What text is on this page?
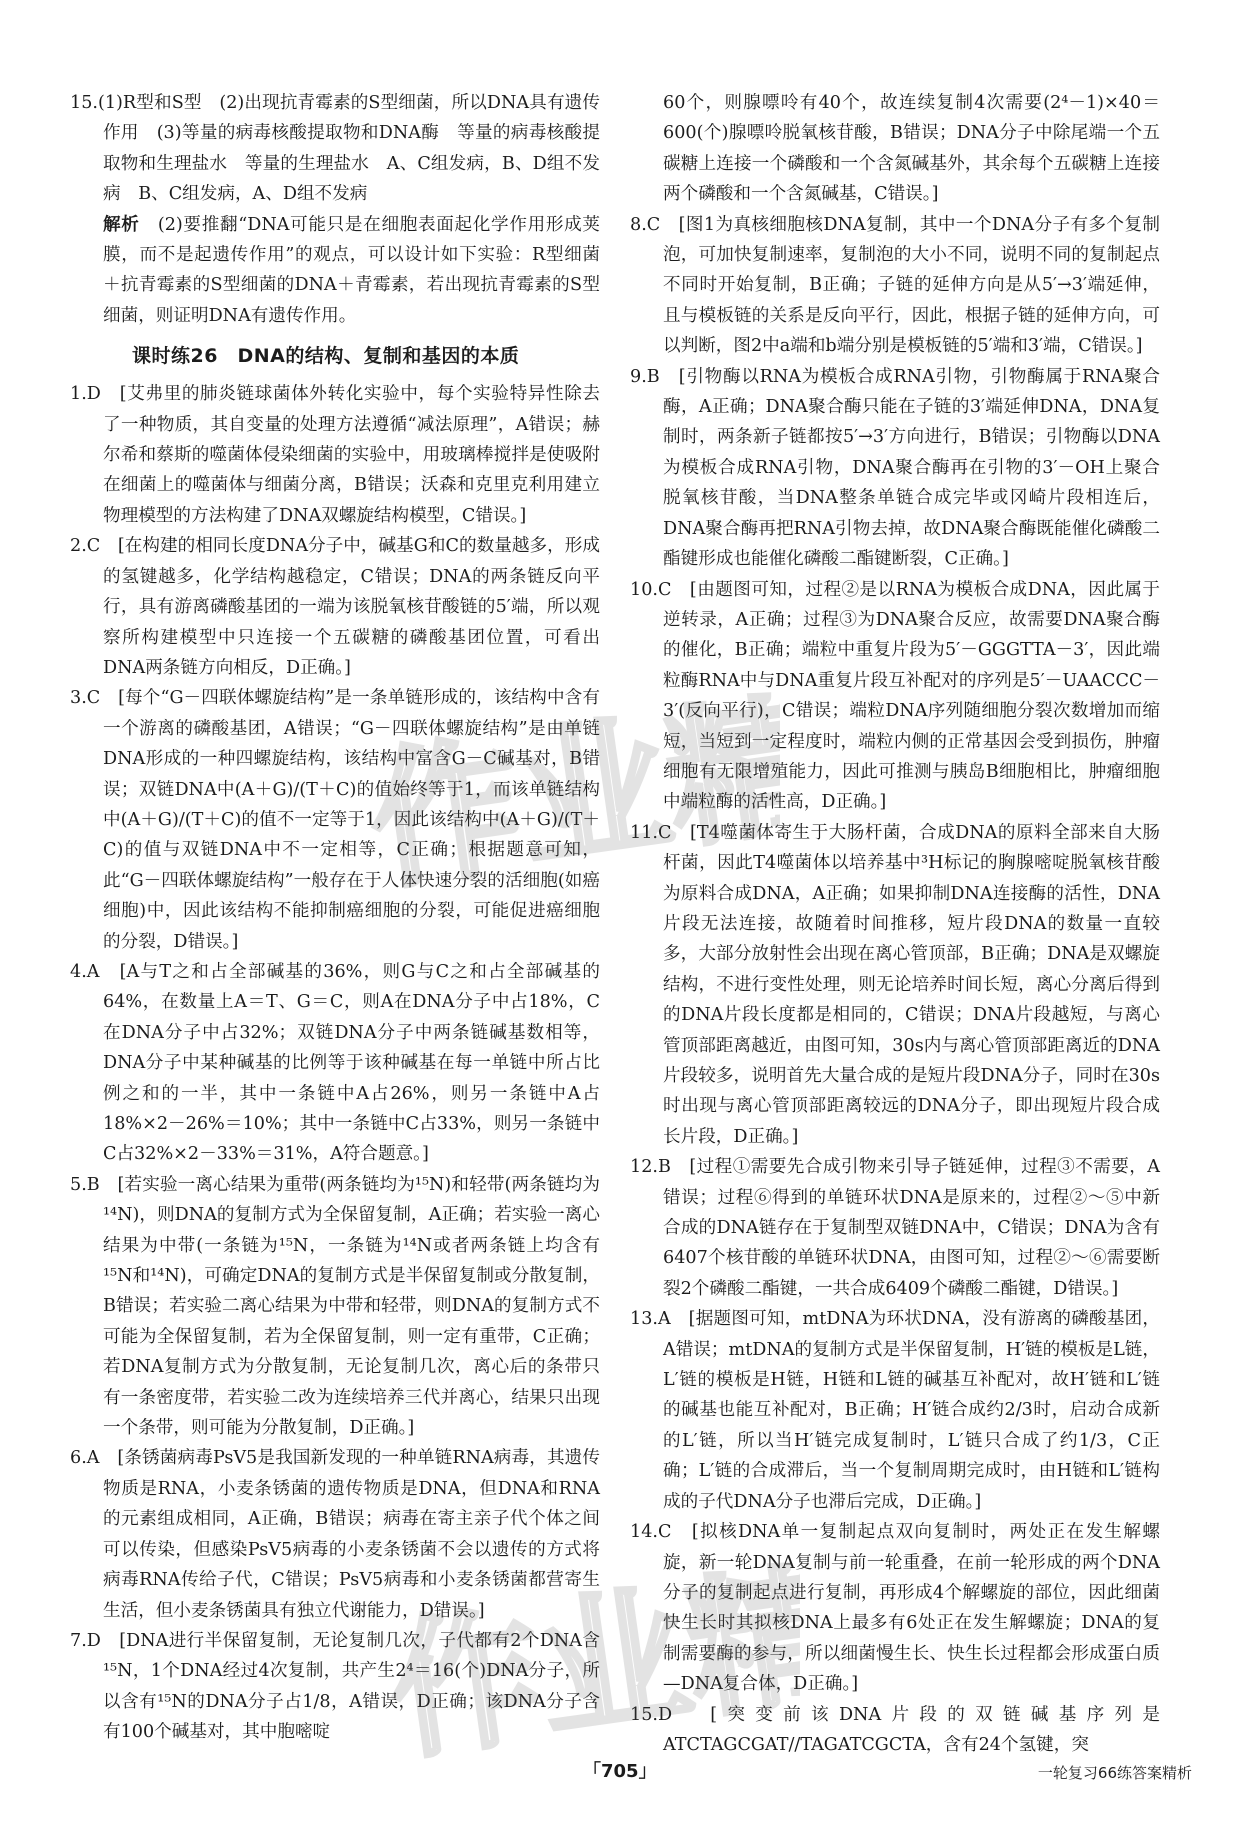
15.(1)R型和S型　(2)出现抗青霉素的S型细菌，所以DNA具有遗传作用　(3)等量的病毒核酸提取物和DNA酶　等量的病毒核酸提取物和生理盐水　等量的生理盐水　A、C组发病，B、D组不发病　B、C组发病，A、D组不发病

解析　 (2)要推翻“DNA可能只是在细胞表面起化学作用形成荚膜，而不是起遗传作用”的观点，可以设计如下实验：R型细菌＋抗青霉素的S型细菌的DNA＋青霉素，若出现抗青霉素的S型细菌，则证明DNA有遗传作用。

课时练26　DNA的结构、复制和基因的本质

1.D　[艾弗里的肺炎链球菌体外转化实验中，每个实验特异性除去了一种物质，其自变量的处理方法遵循“减法原理”，A错误；赫尔希和蔡斯的噬菌体侵染细菌的实验中，用玻璃棒搅拌是使吸附在细菌上的噬菌体与细菌分离，B错误；沃森和克里克利用建立物理模型的方法构建了DNA双螺旋结构模型，C错误。]

2.C　[在构建的相同长度DNA分子中，碱基G和C的数量越多，形成的氢键越多，化学结构越稳定，C错误；DNA的两条链反向平行，具有游离磷酸基团的一端为该脱氧核苷酸链的5′端，所以观察所构建模型中只连接一个五碳糖的磷酸基团位置，可看出DNA两条链方向相反，D正确。]

3.C　[每个“G－四联体螺旋结构”是一条单链形成的，该结构中含有一个游离的磷酸基团，A错误；“G－四联体螺旋结构”是由单链DNA形成的一种四螺旋结构，该结构中富含G－C碱基对，B错误；双链DNA中(A＋G)/(T＋C)的值始终等于1，而该单链结构中(A＋G)/(T＋C)的值不一定等于1，因此该结构中(A＋G)/(T＋C)的值与双链DNA中不一定相等，C正确；根据题意可知，此“G－四联体螺旋结构”一般存在于人体快速分裂的活细胞(如癌细胞)中，因此该结构不能抑制癌细胞的分裂，可能促进癌细胞的分裂，D错误。]

4.A　[A与T之和占全部碱基的36%，则G与C之和占全部碱基的64%，在数量上A＝T、G＝C，则A在DNA分子中占18%，C在DNA分子中占32%；双链DNA分子中两条链碱基数相等，DNA分子中某种碱基的比例等于该种碱基在每一单链中所占比例之和的一半，其中一条链中A占26%，则另一条链中A占18%×2－26%＝10%；其中一条链中C占33%，则另一条链中C占32%×2－33%＝31%，A符合题意。]

5.B　[若实验一离心结果为重带(两条链均为¹⁵N)和轻带(两条链均为¹⁴N)，则DNA的复制方式为全保留复制，A正确；若实验一离心结果为中带(一条链为¹⁵N，一条链为¹⁴N或者两条链上均含有¹⁵N和¹⁴N)，可确定DNA的复制方式是半保留复制或分散复制，B错误；若实验二离心结果为中带和轻带，则DNA的复制方式不可能为全保留复制，若为全保留复制，则一定有重带，C正确；若DNA复制方式为分散复制，无论复制几次，离心后的条带只有一条密度带，若实验二改为连续培养三代并离心，结果只出现一个条带，则可能为分散复制，D正确。]

6.A　[条锈菌病毒PsV5是我国新发现的一种单链RNA病毒，其遗传物质是RNA，小麦条锈菌的遗传物质是DNA，但DNA和RNA的元素组成相同，A正确，B错误；病毒在寄主亲子代个体之间可以传染，但感染PsV5病毒的小麦条锈菌不会以遗传的方式将病毒RNA传给子代，C错误；PsV5病毒和小麦条锈菌都营寄生生活，但小麦条锈菌具有独立代谢能力，D错误。]

7.D　[DNA进行半保留复制，无论复制几次，子代都有2个DNA含¹⁵N，1个DNA经过4次复制，共产生2⁴＝16(个)DNA分子，所以含有¹⁵N的DNA分子占1/8，A错误，D正确；该DNA分子含有100个碱基对，其中胞嘧啶

60个，则腺嘌呤有40个，故连续复制4次需要(2⁴－1)×40＝600(个)腺嘌呤脱氧核苷酸，B错误；DNA分子中除尾端一个五碳糖上连接一个磷酸和一个含氮碱基外，其余每个五碳糖上连接两个磷酸和一个含氮碱基，C错误。]

8.C　[图1为真核细胞核DNA复制，其中一个DNA分子有多个复制泡，可加快复制速率，复制泡的大小不同，说明不同的复制起点不同时开始复制，B正确；子链的延伸方向是从5′→3′端延伸，且与模板链的关系是反向平行，因此，根据子链的延伸方向，可以判断，图2中a端和b端分别是模板链的5′端和3′端，C错误。]

9.B　[引物酶以RNA为模板合成RNA引物，引物酶属于RNA聚合酶，A正确；DNA聚合酶只能在子链的3′端延伸DNA，DNA复制时，两条新子链都按5′→3′方向进行，B错误；引物酶以DNA为模板合成RNA引物，DNA聚合酶再在引物的3′－OH上聚合脱氧核苷酸，当DNA整条单链合成完毕或冈崎片段相连后，DNA聚合酶再把RNA引物去掉，故DNA聚合酶既能催化磷酸二酯键形成也能催化磷酸二酯键断裂，C正确。]

10.C　[由题图可知，过程②是以RNA为模板合成DNA，因此属于逆转录，A正确；过程③为DNA聚合反应，故需要DNA聚合酶的催化，B正确；端粒中重复片段为5′－GGGTTA－3′，因此端粒酶RNA中与DNA重复片段互补配对的序列是5′－UAACCC－3′(反向平行)，C错误；端粒DNA序列随细胞分裂次数增加而缩短，当短到一定程度时，端粒内侧的正常基因会受到损伤，肿瘤细胞有无限增殖能力，因此可推测与胰岛B细胞相比，肿瘤细胞中端粒酶的活性高，D正确。]

11.C　[T4噬菌体寄生于大肠杆菌，合成DNA的原料全部来自大肠杆菌，因此T4噬菌体以培养基中³H标记的胸腺嘧啶脱氧核苷酸为原料合成DNA，A正确；如果抑制DNA连接酶的活性，DNA片段无法连接，故随着时间推移，短片段DNA的数量一直较多，大部分放射性会出现在离心管顶部，B正确；DNA是双螺旋结构，不进行变性处理，则无论培养时间长短，离心分离后得到的DNA片段长度都是相同的，C错误；DNA片段越短，与离心管顶部距离越近，由图可知，30s内与离心管顶部距离近的DNA片段较多，说明首先大量合成的是短片段DNA分子，同时在30s时出现与离心管顶部距离较远的DNA分子，即出现短片段合成长片段，D正确。]

12.B　[过程①需要先合成引物来引导子链延伸，过程③不需要，A错误；过程⑥得到的单链环状DNA是原来的，过程②～⑤中新合成的DNA链存在于复制型双链DNA中，C错误；DNA为含有6407个核苷酸的单链环状DNA，由图可知，过程②～⑥需要断裂2个磷酸二酯键，一共合成6409个磷酸二酯键，D错误。]

13.A　[据题图可知，mtDNA为环状DNA，没有游离的磷酸基团，A错误；mtDNA的复制方式是半保留复制，H′链的模板是L链，L′链的模板是H链，H链和L链的碱基互补配对，故H′链和L′链的碱基也能互补配对，B正确；H′链合成约2/3时，启动合成新的L′链，所以当H′链完成复制时，L′链只合成了约1/3，C正确；L′链的合成滞后，当一个复制周期完成时，由H链和L′链构成的子代DNA分子也滞后完成，D正确。]

14.C　[拟核DNA单一复制起点双向复制时，两处正在发生解螺旋，新一轮DNA复制与前一轮重叠，在前一轮形成的两个DNA分子的复制起点进行复制，再形成4个解螺旋的部位，因此细菌快生长时其拟核DNA上最多有6处正在发生解螺旋；DNA的复制需要酶的参与，所以细菌慢生长、快生长过程都会形成蛋白质—DNA复合体，D正确。]

15.D　[突变前该DNA片段的双链碱基序列是ATCTAGCGAT//TAGATCGCTA，含有24个氢键，突

作业精灵
作业精灵
「705」	一轮复习66练答案精析
